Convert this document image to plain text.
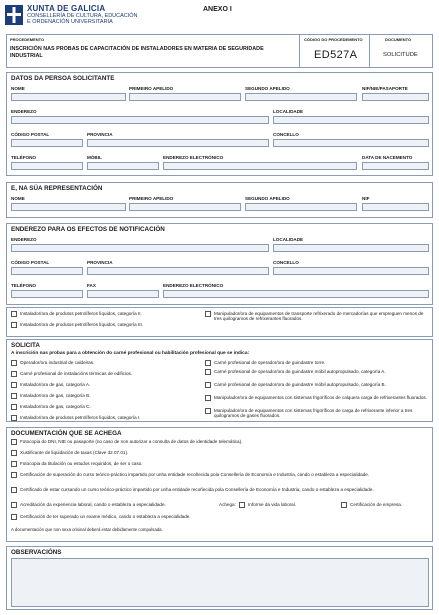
XUNTA DE GALICIA
CONSELLERÍA DE CULTURA, EDUCACIÓN
E ORDENACIÓN UNIVERSITARIA
ANEXO I
PROCEDEMENTO
INSCRICIÓN NAS PROBAS DE CAPACITACIÓN DE INSTALADORES EN MATERIA DE SEGURIDADE INDUSTRIAL
CÓDIGO DO PROCEDEMENTO
ED527A
DOCUMENTO
SOLICITUDE
DATOS DA PERSOA SOLICITANTE
NOME	PRIMEIRO APELIDO	SEGUNDO APELIDO	NIF/NIE/PASAPORTE
ENDEREZO	LOCALIDADE
CÓDIGO POSTAL	PROVINCIA	CONCELLO
TELÉFONO	MÓBIL	ENDEREZO ELECTRÓNICO	DATA DE NACEMENTO
E, NA SÚA REPRESENTACIÓN
NOME	PRIMEIRO APELIDO	SEGUNDO APELIDO	NIF
ENDEREZO PARA OS EFECTOS DE NOTIFICACIÓN
ENDEREZO	LOCALIDADE
CÓDIGO POSTAL	PROVINCIA	CONCELLO
TELÉFONO	FAX	ENDEREZO ELECTRÓNICO
SOLICITA
A inscrición nas probas para a obtención do carné profesional ou habilitación profesional que se indica:
Operador/ora industrial de caldeiras.
Carné profesional de instalacións térmicas de edificios.
Instalador/ora de gas, categoría A.
Instalador/ora de gas, categoría B.
Instalador/ora de gas, categoría C.
Instalador/ora de produtos petrolíferos líquidos, categoría I.
Carné profesional de operador/ora de guindastre torre.
Carné profesional de operador/ora de guindastre móbil autopropulsado, categoría A.
Carné profesional de operador/ora de guindastre móbil autopropulsado, categoría B.
Manipulador/ora de equipamentos con sistemas frigoríficos de calquera carga de refrixerantes fluorados.
Manipulador/ora de equipamentos con sistemas frigoríficos de carga de refrixerante inferior a tres quilogramos de gases fluorados.
DOCUMENTACIÓN QUE SE ACHEGA
Fotocopia do DNI, NIE ou pasaporte (no caso de non autorizar a consulta de datos de identidade telemática).
Xustificante de liquidación de taxas (Clave 32.07.01).
Fotocopia da titulación ou estudos requiridos, de ser o caso.
Certificación de superación do curso teórico-práctico impartido por unha entidade recoñecida pola Consellería de Economía e Industria, cando o estableza a especialidade.
Certificado de estar cursando un curso teórico-práctico impartido por unha entidade recoñecida pola Consellería de Economía e Industria, cando o estableza a especialidade.
Acreditación da experiencia laboral, cando o estableza a especialidade.	Achega:	Informe da vida laboral.	Certificación de empresa.
Certificación de ter superado un exame médico, cando o estableza a especialidade.
A documentación que non sexa orixinal deberá estar debidamente compulsada.
OBSERVACIÓNS
Instalador/ora de produtos petrolíferos líquidos, categoría II.
Instalador/ora de produtos petrolíferos líquidos, categoría III.
Manipulador/ora de equipamentos de transporte refrixerado de mercadorías que empreguen menos de tres quilogramos de refrixerantes fluorados.
